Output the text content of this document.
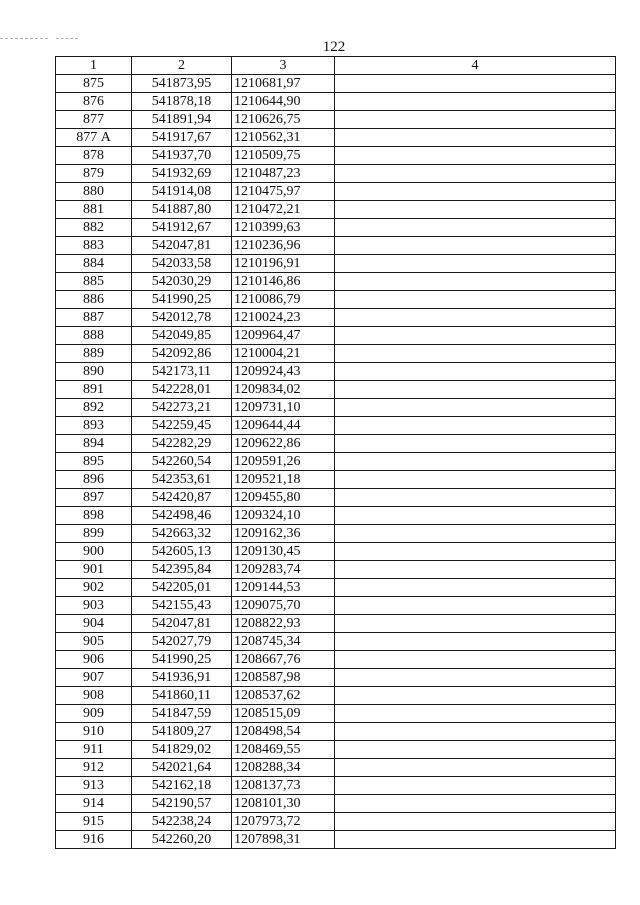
122
1	2	3	4
875	541873,95	1210681,97	
876	541878,18	1210644,90	
877	541891,94	1210626,75	
877 А	541917,67	1210562,31	
878	541937,70	1210509,75	
879	541932,69	1210487,23	
880	541914,08	1210475,97	
881	541887,80	1210472,21	
882	541912,67	1210399,63	
883	542047,81	1210236,96	
884	542033,58	1210196,91	
885	542030,29	1210146,86	
886	541990,25	1210086,79	
887	542012,78	1210024,23	
888	542049,85	1209964,47	
889	542092,86	1210004,21	
890	542173,11	1209924,43	
891	542228,01	1209834,02	
892	542273,21	1209731,10	
893	542259,45	1209644,44	
894	542282,29	1209622,86	
895	542260,54	1209591,26	
896	542353,61	1209521,18	
897	542420,87	1209455,80	
898	542498,46	1209324,10	
899	542663,32	1209162,36	
900	542605,13	1209130,45	
901	542395,84	1209283,74	
902	542205,01	1209144,53	
903	542155,43	1209075,70	
904	542047,81	1208822,93	
905	542027,79	1208745,34	
906	541990,25	1208667,76	
907	541936,91	1208587,98	
908	541860,11	1208537,62	
909	541847,59	1208515,09	
910	541809,27	1208498,54	
911	541829,02	1208469,55	
912	542021,64	1208288,34	
913	542162,18	1208137,73	
914	542190,57	1208101,30	
915	542238,24	1207973,72	
916	542260,20	1207898,31	
